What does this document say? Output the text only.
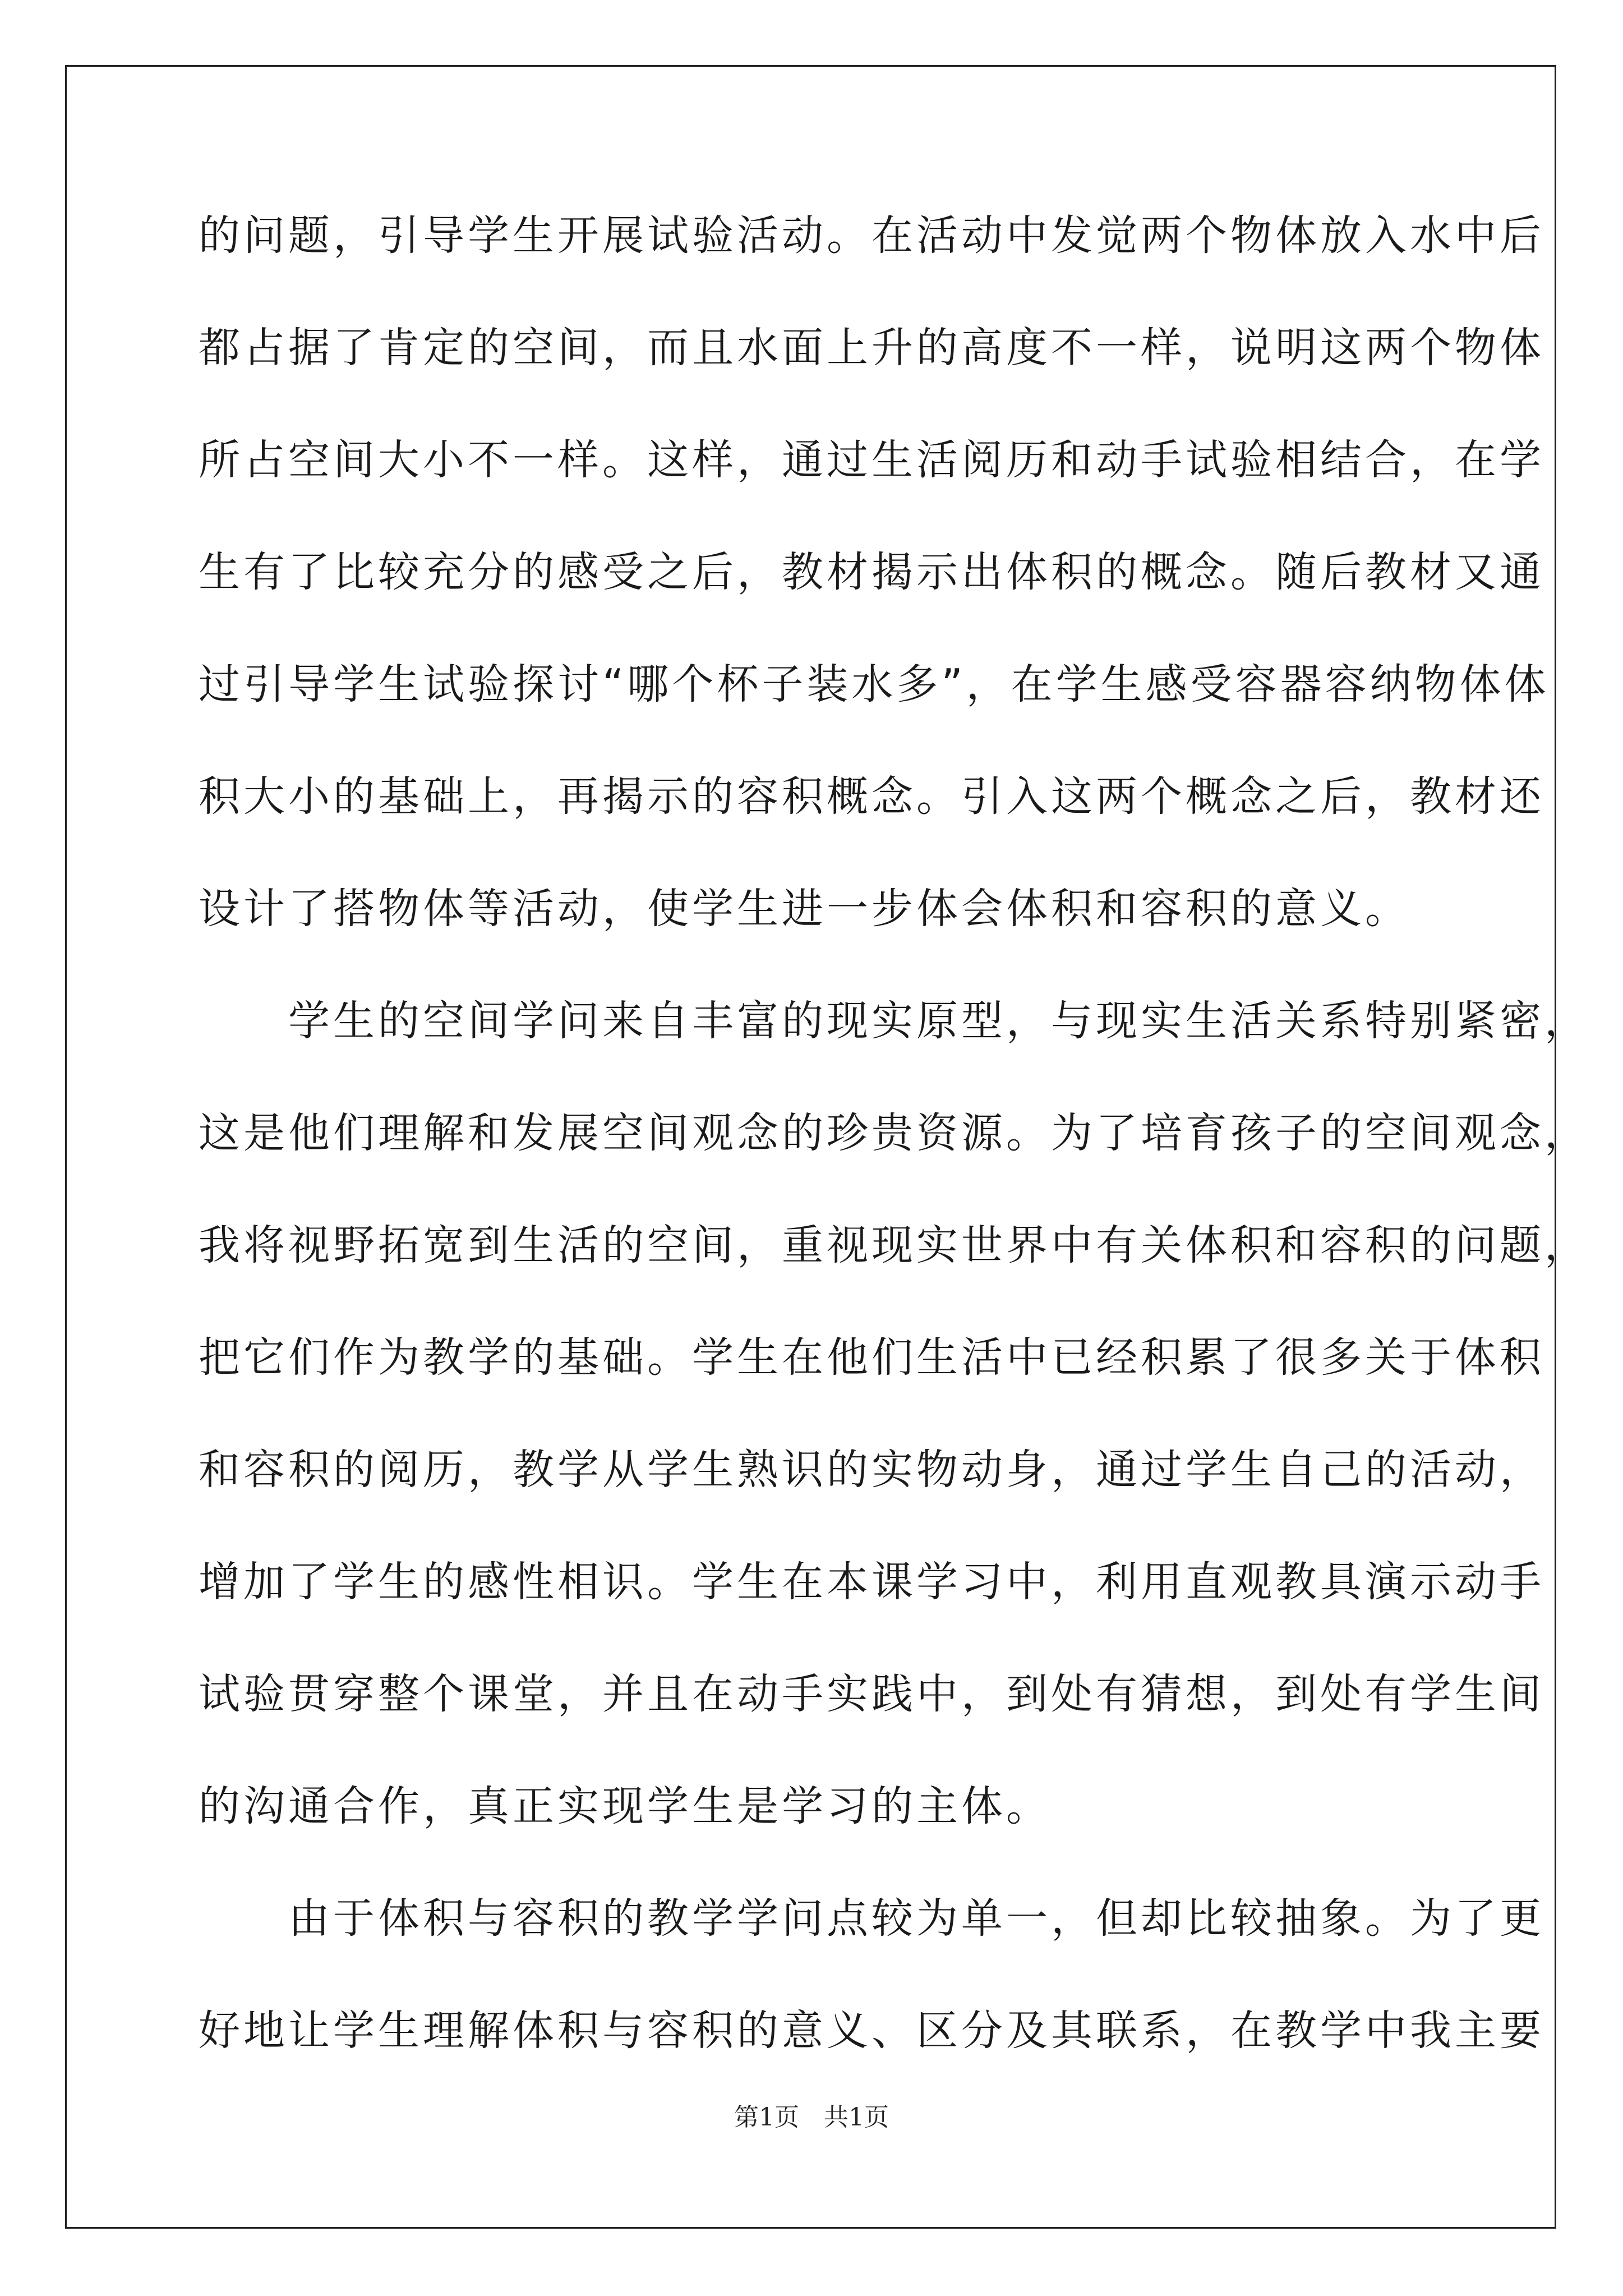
的问题，引导学生开展试验活动。在活动中发觉两个物体放入水中后
都占据了肯定的空间，而且水面上升的高度不一样，说明这两个物体
所占空间大小不一样。这样，通过生活阅历和动手试验相结合，在学
生有了比较充分的感受之后，教材揭示出体积的概念。随后教材又通
过引导学生试验探讨“哪个杯子装水多”，在学生感受容器容纳物体体
积大小的基础上，再揭示的容积概念。引入这两个概念之后，教材还
设计了搭物体等活动，使学生进一步体会体积和容积的意义。
　　学生的空间学问来自丰富的现实原型，与现实生活关系特别紧密，
这是他们理解和发展空间观念的珍贵资源。为了培育孩子的空间观念，
我将视野拓宽到生活的空间，重视现实世界中有关体积和容积的问题，
把它们作为教学的基础。学生在他们生活中已经积累了很多关于体积
和容积的阅历，教学从学生熟识的实物动身，通过学生自己的活动，
增加了学生的感性相识。学生在本课学习中，利用直观教具演示动手
试验贯穿整个课堂，并且在动手实践中，到处有猜想，到处有学生间
的沟通合作，真正实现学生是学习的主体。
　　由于体积与容积的教学学问点较为单一，但却比较抽象。为了更
好地让学生理解体积与容积的意义、区分及其联系，在教学中我主要
第1页　共1页
